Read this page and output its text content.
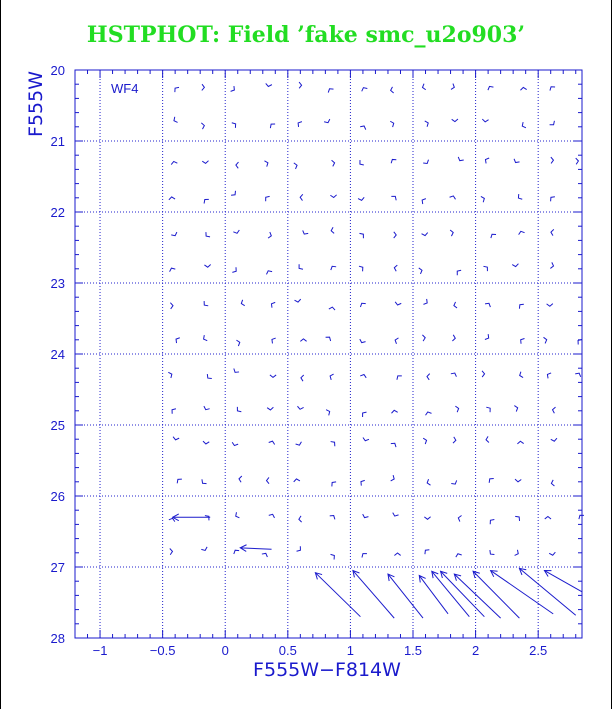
HSTPHOT: Field ’fake smc_u2o903’
−1	−0.5	0	0.5	1	1.5	2	2.5
20
21
22
23
24
25
26
27
28
WF4
F555W−F814W
F555W
